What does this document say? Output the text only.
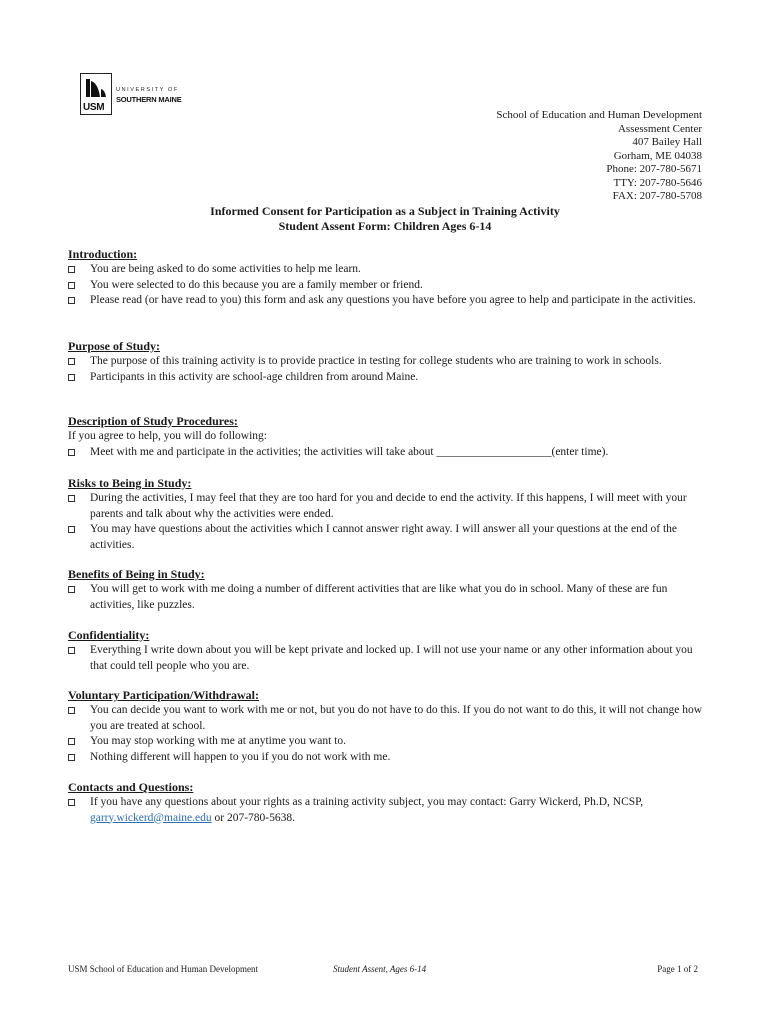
USM
UNIVERSITY OF
SOUTHERN MAINE
School of Education and Human Development
Assessment Center
407 Bailey Hall
Gorham, ME 04038
Phone: 207-780-5671
TTY: 207-780-5646
FAX: 207-780-5708
Informed Consent for Participation as a Subject in Training Activity
Student Assent Form: Children Ages 6-14
Introduction:
You are being asked to do some activities to help me learn.
You were selected to do this because you are a family member or friend.
Please read (or have read to you) this form and ask any questions you have before you agree to help and participate in the activities.
Purpose of Study:
The purpose of this training activity is to provide practice in testing for college students who are training to work in schools.
Participants in this activity are school-age children from around Maine.
Description of Study Procedures:
If you agree to help, you will do following:
Meet with me and participate in the activities; the activities will take about ____________________(enter time).
Risks to Being in Study:
During the activities, I may feel that they are too hard for you and decide to end the activity. If this happens, I will meet with your parents and talk about why the activities were ended.
You may have questions about the activities which I cannot answer right away. I will answer all your questions at the end of the activities.
Benefits of Being in Study:
You will get to work with me doing a number of different activities that are like what you do in school. Many of these are fun activities, like puzzles.
Confidentiality:
Everything I write down about you will be kept private and locked up. I will not use your name or any other information about you that could tell people who you are.
Voluntary Participation/Withdrawal:
You can decide you want to work with me or not, but you do not have to do this. If you do not want to do this, it will not change how you are treated at school.
You may stop working with me at anytime you want to.
Nothing different will happen to you if you do not work with me.
Contacts and Questions:
If you have any questions about your rights as a training activity subject, you may contact: Garry Wickerd, Ph.D, NCSP, garry.wickerd@maine.edu or 207-780-5638.
USM School of Education and Human Development	Student Assent, Ages 6-14	Page 1 of 2
